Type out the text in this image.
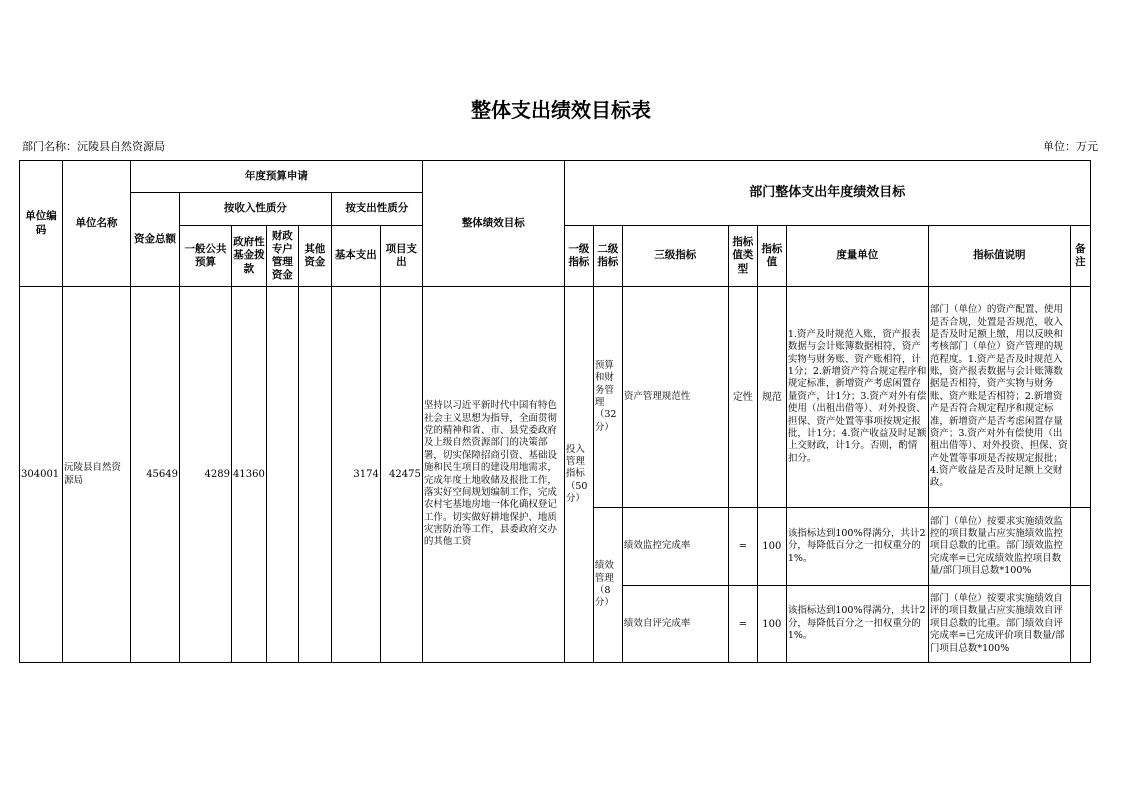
整体支出绩效目标表
部门名称：沅陵县自然资源局	单位：万元
单位编码	单位名称	年度预算申请							整体绩效目标	部门整体支出年度绩效目标							
		资金总额	按收入性质分				按支出性质分										
			一般公共预算	政府性基金拨款	财政专户管理资金	其他资金	基本支出	项目支出		一级指标	二级指标	三级指标	指标值类型	指标值	度量单位	指标值说明	备注
304001	沅陵县自然资源局	45649	4289	41360			3174	42475	坚持以习近平新时代中国有特色社会主义思想为指导，全面贯彻党的精神和省、市、县党委政府及上级自然资源部门的决策部署，切实保障招商引资、基础设施和民生项目的建设用地需求，完成年度土地收储及报批工作，落实好空间规划编制工作，完成农村宅基地房地一体化确权登记工作。切实做好耕地保护、地质灾害防治等工作，县委政府交办的其他工资	投入管理指标（50分）	预算和财务管理（32分）	资产管理规范性	定性	规范	1.资产及时规范入账，资产报表数据与会计账簿数据相符，资产实物与财务账、资产账相符，计1分；2.新增资产符合规定程序和规定标准，新增资产考虑闲置存量资产，计1分；3.资产对外有偿使用（出租出借等）、对外投资、担保、资产处置等事项按规定报批，计1分；4.资产收益及时足额上交财政，计1分。否则，酌情扣分。	部门（单位）的资产配置、使用是否合规，处置是否规范，收入是否及时足额上缴，用以反映和考核部门（单位）资产管理的规范程度。1.资产是否及时规范入账，资产报表数据与会计账簿数据是否相符，资产实物与财务账、资产账是否相符；2.新增资产是否符合规定程序和规定标准，新增资产是否考虑闲置存量资产；3.资产对外有偿使用（出租出借等）、对外投资、担保、资产处置等事项是否按规定报批；4.资产收益是否及时足额上交财政。	
											绩效管理（8分）	绩效监控完成率	=	100	该指标达到100%得满分，共计2分，每降低百分之一扣权重分的1%。	部门（单位）按要求实施绩效监控的项目数量占应实施绩效监控项目总数的比重。部门绩效监控完成率=已完成绩效监控项目数量/部门项目总数*100%	
												绩效自评完成率	=	100	该指标达到100%得满分，共计2分，每降低百分之一扣权重分的1%。	部门（单位）按要求实施绩效自评的项目数量占应实施绩效自评项目总数的比重。部门绩效自评完成率=已完成评价项目数量/部门项目总数*100%	
